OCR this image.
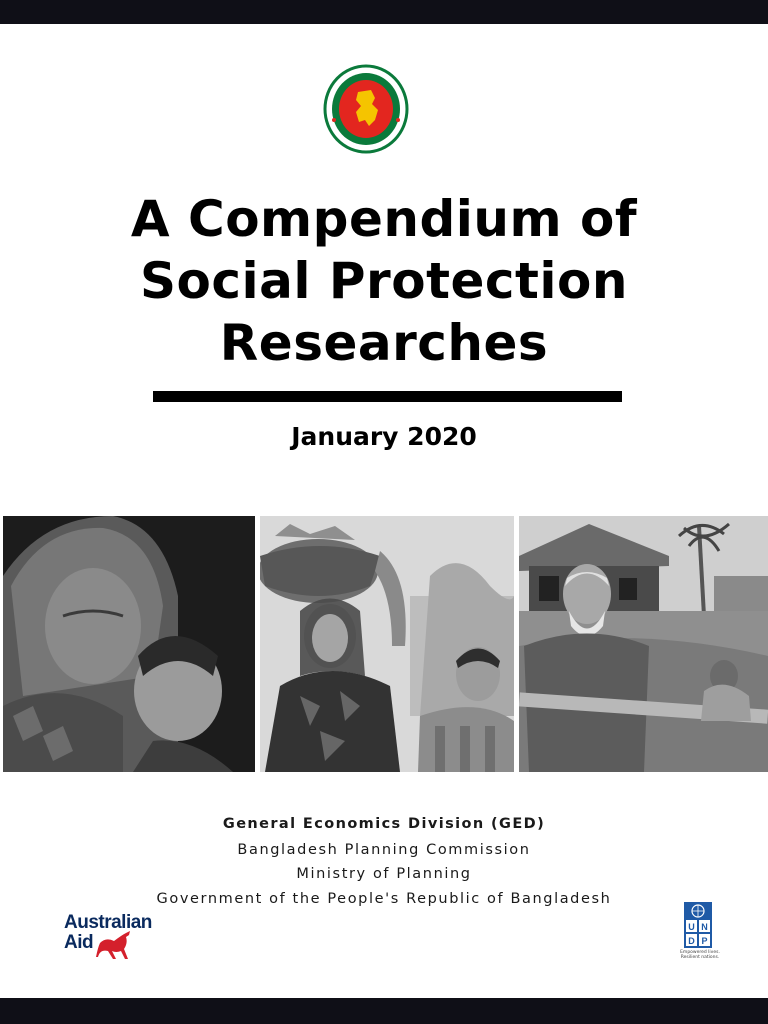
A Compendium of
Social Protection
Researches
January 2020
General Economics Division (GED)
Bangladesh Planning Commission
Ministry of Planning
Government of the People's Republic of Bangladesh
Australian
Aid
U N
D P
Empowered lives. Resilient nations.
